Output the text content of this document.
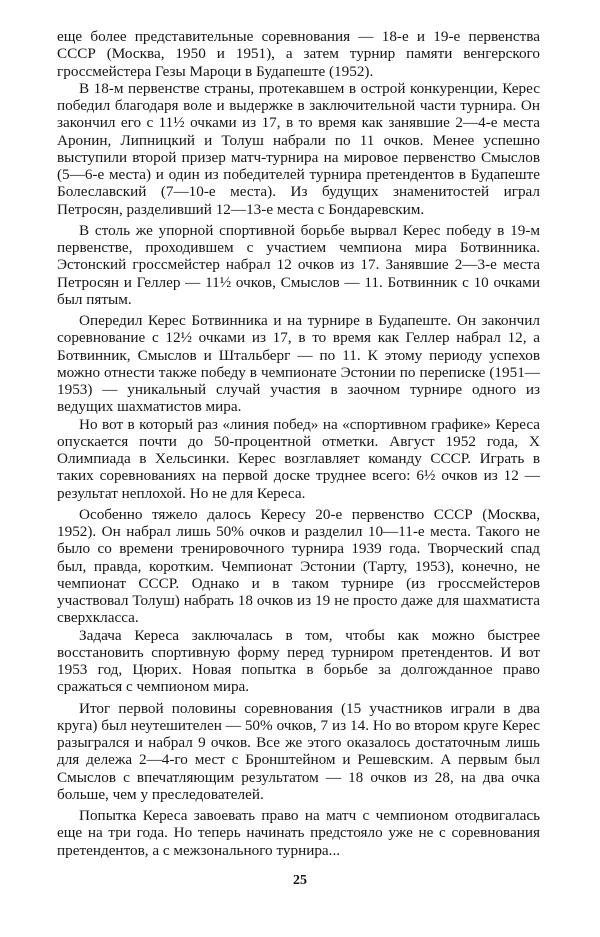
еще более представительные соревнования — 18-е и 19-е первенства СССР (Москва, 1950 и 1951), а затем турнир памяти венгерского гроссмейстера Гезы Мароци в Будапеште (1952).

В 18-м первенстве страны, протекавшем в острой конкуренции, Керес победил благодаря воле и выдержке в заключительной части турнира. Он закончил его с 11½ очками из 17, в то время как занявшие 2—4-е места Аронин, Липницкий и Толуш набрали по 11 очков. Менее успешно выступили второй призер матч-турнира на мировое первенство Смыслов (5—6-е места) и один из победителей турнира претендентов в Будапеште Болеславский (7—10-е места). Из будущих знаменитостей играл Петросян, разделивший 12—13-е места с Бондаревским.

В столь же упорной спортивной борьбе вырвал Керес победу в 19-м первенстве, проходившем с участием чемпиона мира Ботвинника. Эстонский гроссмейстер набрал 12 очков из 17. Занявшие 2—3-е места Петросян и Геллер — 11½ очков, Смыслов — 11. Ботвинник с 10 очками был пятым.

Опередил Керес Ботвинника и на турнире в Будапеште. Он закончил соревнование с 12½ очками из 17, в то время как Геллер набрал 12, а Ботвинник, Смыслов и Штальберг — по 11. К этому периоду успехов можно отнести также победу в чемпионате Эстонии по переписке (1951—1953) — уникальный случай участия в заочном турнире одного из ведущих шахматистов мира.

Но вот в который раз «линия побед» на «спортивном графике» Кереса опускается почти до 50-процентной отметки. Август 1952 года, X Олимпиада в Хельсинки. Керес возглавляет команду СССР. Играть в таких соревнованиях на первой доске труднее всего: 6½ очков из 12 — результат неплохой. Но не для Кереса.

Особенно тяжело далось Кересу 20-е первенство СССР (Москва, 1952). Он набрал лишь 50% очков и разделил 10—11-е места. Такого не было со времени тренировочного турнира 1939 года. Творческий спад был, правда, коротким. Чемпионат Эстонии (Тарту, 1953), конечно, не чемпионат СССР. Однако и в таком турнире (из гроссмейстеров участвовал Толуш) набрать 18 очков из 19 не просто даже для шахматиста сверхкласса.

Задача Кереса заключалась в том, чтобы как можно быстрее восстановить спортивную форму перед турниром претендентов. И вот 1953 год, Цюрих. Новая попытка в борьбе за долгожданное право сражаться с чемпионом мира.

Итог первой половины соревнования (15 участников играли в два круга) был неутешителен — 50% очков, 7 из 14. Но во втором круге Керес разыгрался и набрал 9 очков. Все же этого оказалось достаточным лишь для дележа 2—4-го мест с Бронштейном и Решевским. А первым был Смыслов с впечатляющим результатом — 18 очков из 28, на два очка больше, чем у преследователей.

Попытка Кереса завоевать право на матч с чемпионом отодвигалась еще на три года. Но теперь начинать предстояло уже не с соревнования претендентов, а с межзонального турнира...

25
